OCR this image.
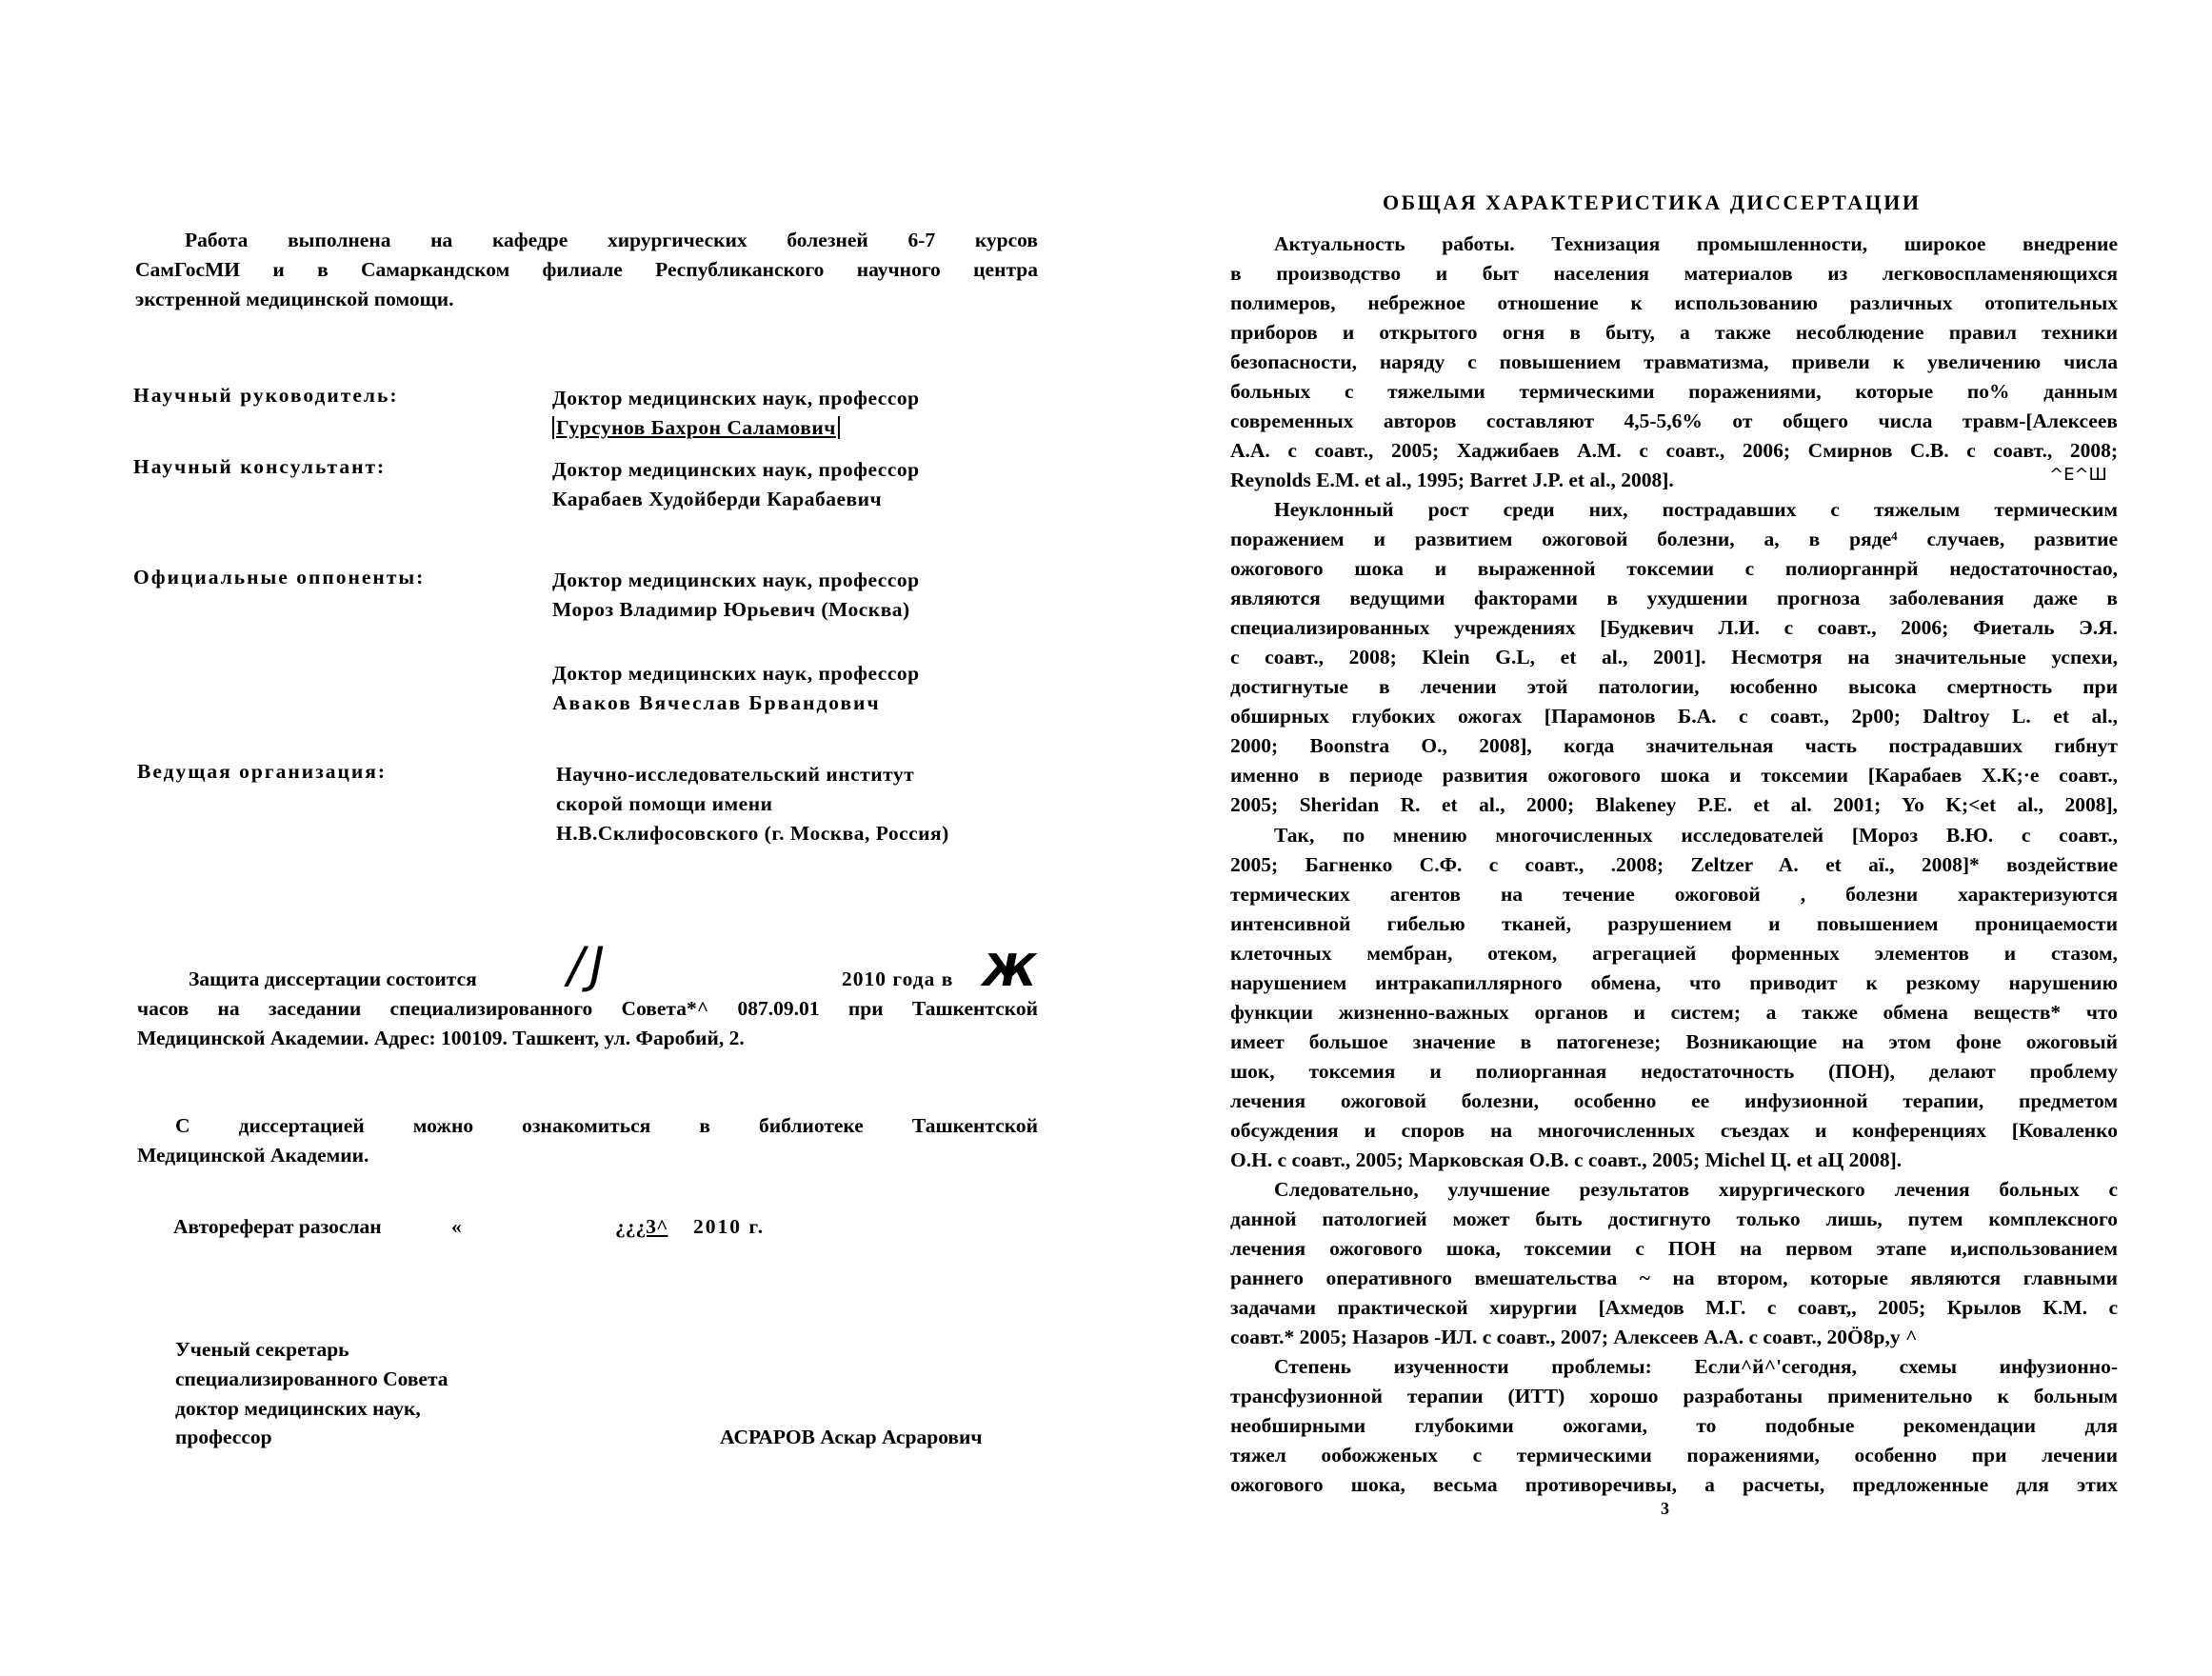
Работа выполнена на кафедре хирургических болезней 6-7 курсов
СамГосМИ и в Самаркандском филиале Республиканского научного центра
экстренной медицинской помощи.
Научный руководитель:	Доктор медицинских наук, профессор
Гурсунов Бахрон Саламович
Научный консультант:	Доктор медицинских наук, профессор
Карабаев Худойберди Карабаевич
Официальные оппоненты:	Доктор медицинских наук, профессор
Мороз Владимир Юрьевич (Москва)
Доктор медицинских наук, профессор
Аваков Вячеслав Брвандович
Ведущая организация:	Научно-исследовательский институт
скорой помощи имени
Н.В.Склифосовского (г. Москва, Россия)
Защита диссертации состоится /J	2010 года в Ж
часов на заседании специализированного Совета*^ 087.09.01 при Ташкентской
Медицинской Академии. Адрес: 100109. Ташкент, ул. Фаробий, 2.
С диссертацией можно ознакомиться в библиотеке Ташкентской
Медицинской Академии.
Автореферат разослан	«	¿¿¿3^ 2010 г.
Ученый секретарь
специализированного Совета
доктор медицинских наук,
профессор	АСРАРОВ Аскар Асрарович
ОБЩАЯ ХАРАКТЕРИСТИКА ДИССЕРТАЦИИ
Актуальность работы. Технизация промышленности, широкое внедрение
в производство и быт населения материалов из легковоспламеняющихся
полимеров, небрежное отношение к использованию различных отопительных
приборов и открытого огня в быту, а также несоблюдение правил техники
безопасности, наряду с повышением травматизма, привели к увеличению числа
больных с тяжелыми термическими поражениями, которые по% данным
современных авторов составляют 4,5-5,6% от общего числа травм-[Алексеев
А.А. с соавт., 2005; Хаджибаев А.М. с соавт., 2006; Смирнов С.В. с соавт., 2008;
Reynolds E.M. et al., 1995; Barret J.P. et al., 2008].	^E^Ш
Неуклонный рост среди них, пострадавших с тяжелым термическим
поражением и развитием ожоговой болезни, а, в ряде⁴ случаев, развитие
ожогового шока и выраженной токсемии с полиорганнрй недостаточностао,
являются ведущими факторами в ухудшении прогноза заболевания даже в
специализированных учреждениях [Будкевич Л.И. с соавт., 2006; Фиеталь Э.Я.
с соавт., 2008; Klein G.L, et al., 2001]. Несмотря на значительные успехи,
достигнутые в лечении этой патологии, юсобенно высока смертность при
обширных глубоких ожогах [Парамонов Б.А. с соавт., 2р00; Daltroy L. et al.,
2000; Boonstra О., 2008], когда значительная часть пострадавших гибнут
именно в периоде развития ожогового шока и токсемии [Карабаев Х.К;·е соавт.,
2005; Sheridan R. et al., 2000; Blakeney P.E. et al. 2001; Yo K;<et al., 2008],
Так, по мнению многочисленных исследователей [Мороз В.Ю. с соавт.,
2005; Багненко С.Ф. с соавт., .2008; Zeltzer A. et aï., 2008]* воздействие
термических агентов на течение ожоговой , болезни характеризуются
интенсивной гибелью тканей, разрушением и повышением проницаемости
клеточных мембран, отеком, агрегацией форменных элементов и стазом,
нарушением интракапиллярного обмена, что приводит к резкому нарушению
функции жизненно-важных органов и систем; а также обмена веществ* что
имеет большое значение в патогенезе; Возникающие на этом фоне ожоговый
шок, токсемия и полиорганная недостаточность (ПОН), делают проблему
лечения ожоговой болезни, особенно ее инфузионной терапии, предметом
обсуждения и споров на многочисленных съездах и конференциях [Коваленко
О.Н. с соавт., 2005; Марковская О.В. с соавт., 2005; Michel Ц. et aЦ 2008].
Следовательно, улучшение результатов хирургического лечения больных с
данной патологией может быть достигнуто только лишь, путем комплексного
лечения ожогового шока, токсемии с ПОН на первом этапе и,использованием
раннего оперативного вмешательства ~ на втором, которые являются главными
задачами практической хирургии [Ахмедов М.Г. с соавт,, 2005; Крылов К.М. с
соавт.* 2005; Назаров -ИЛ. с соавт., 2007; Алексеев А.А. с соавт., 20Ö8р,у ^
Степень изученности проблемы: Если^й^'сегодня, схемы инфузионно-
трансфузионной терапии (ИТТ) хорошо разработаны применительно к больным
необширными глубокими ожогами, то подобные рекомендации для
тяжел ообожженых с термическими поражениями, особенно при лечении
ожогового шока, весьма противоречивы, а расчеты, предложенные для этих
3
